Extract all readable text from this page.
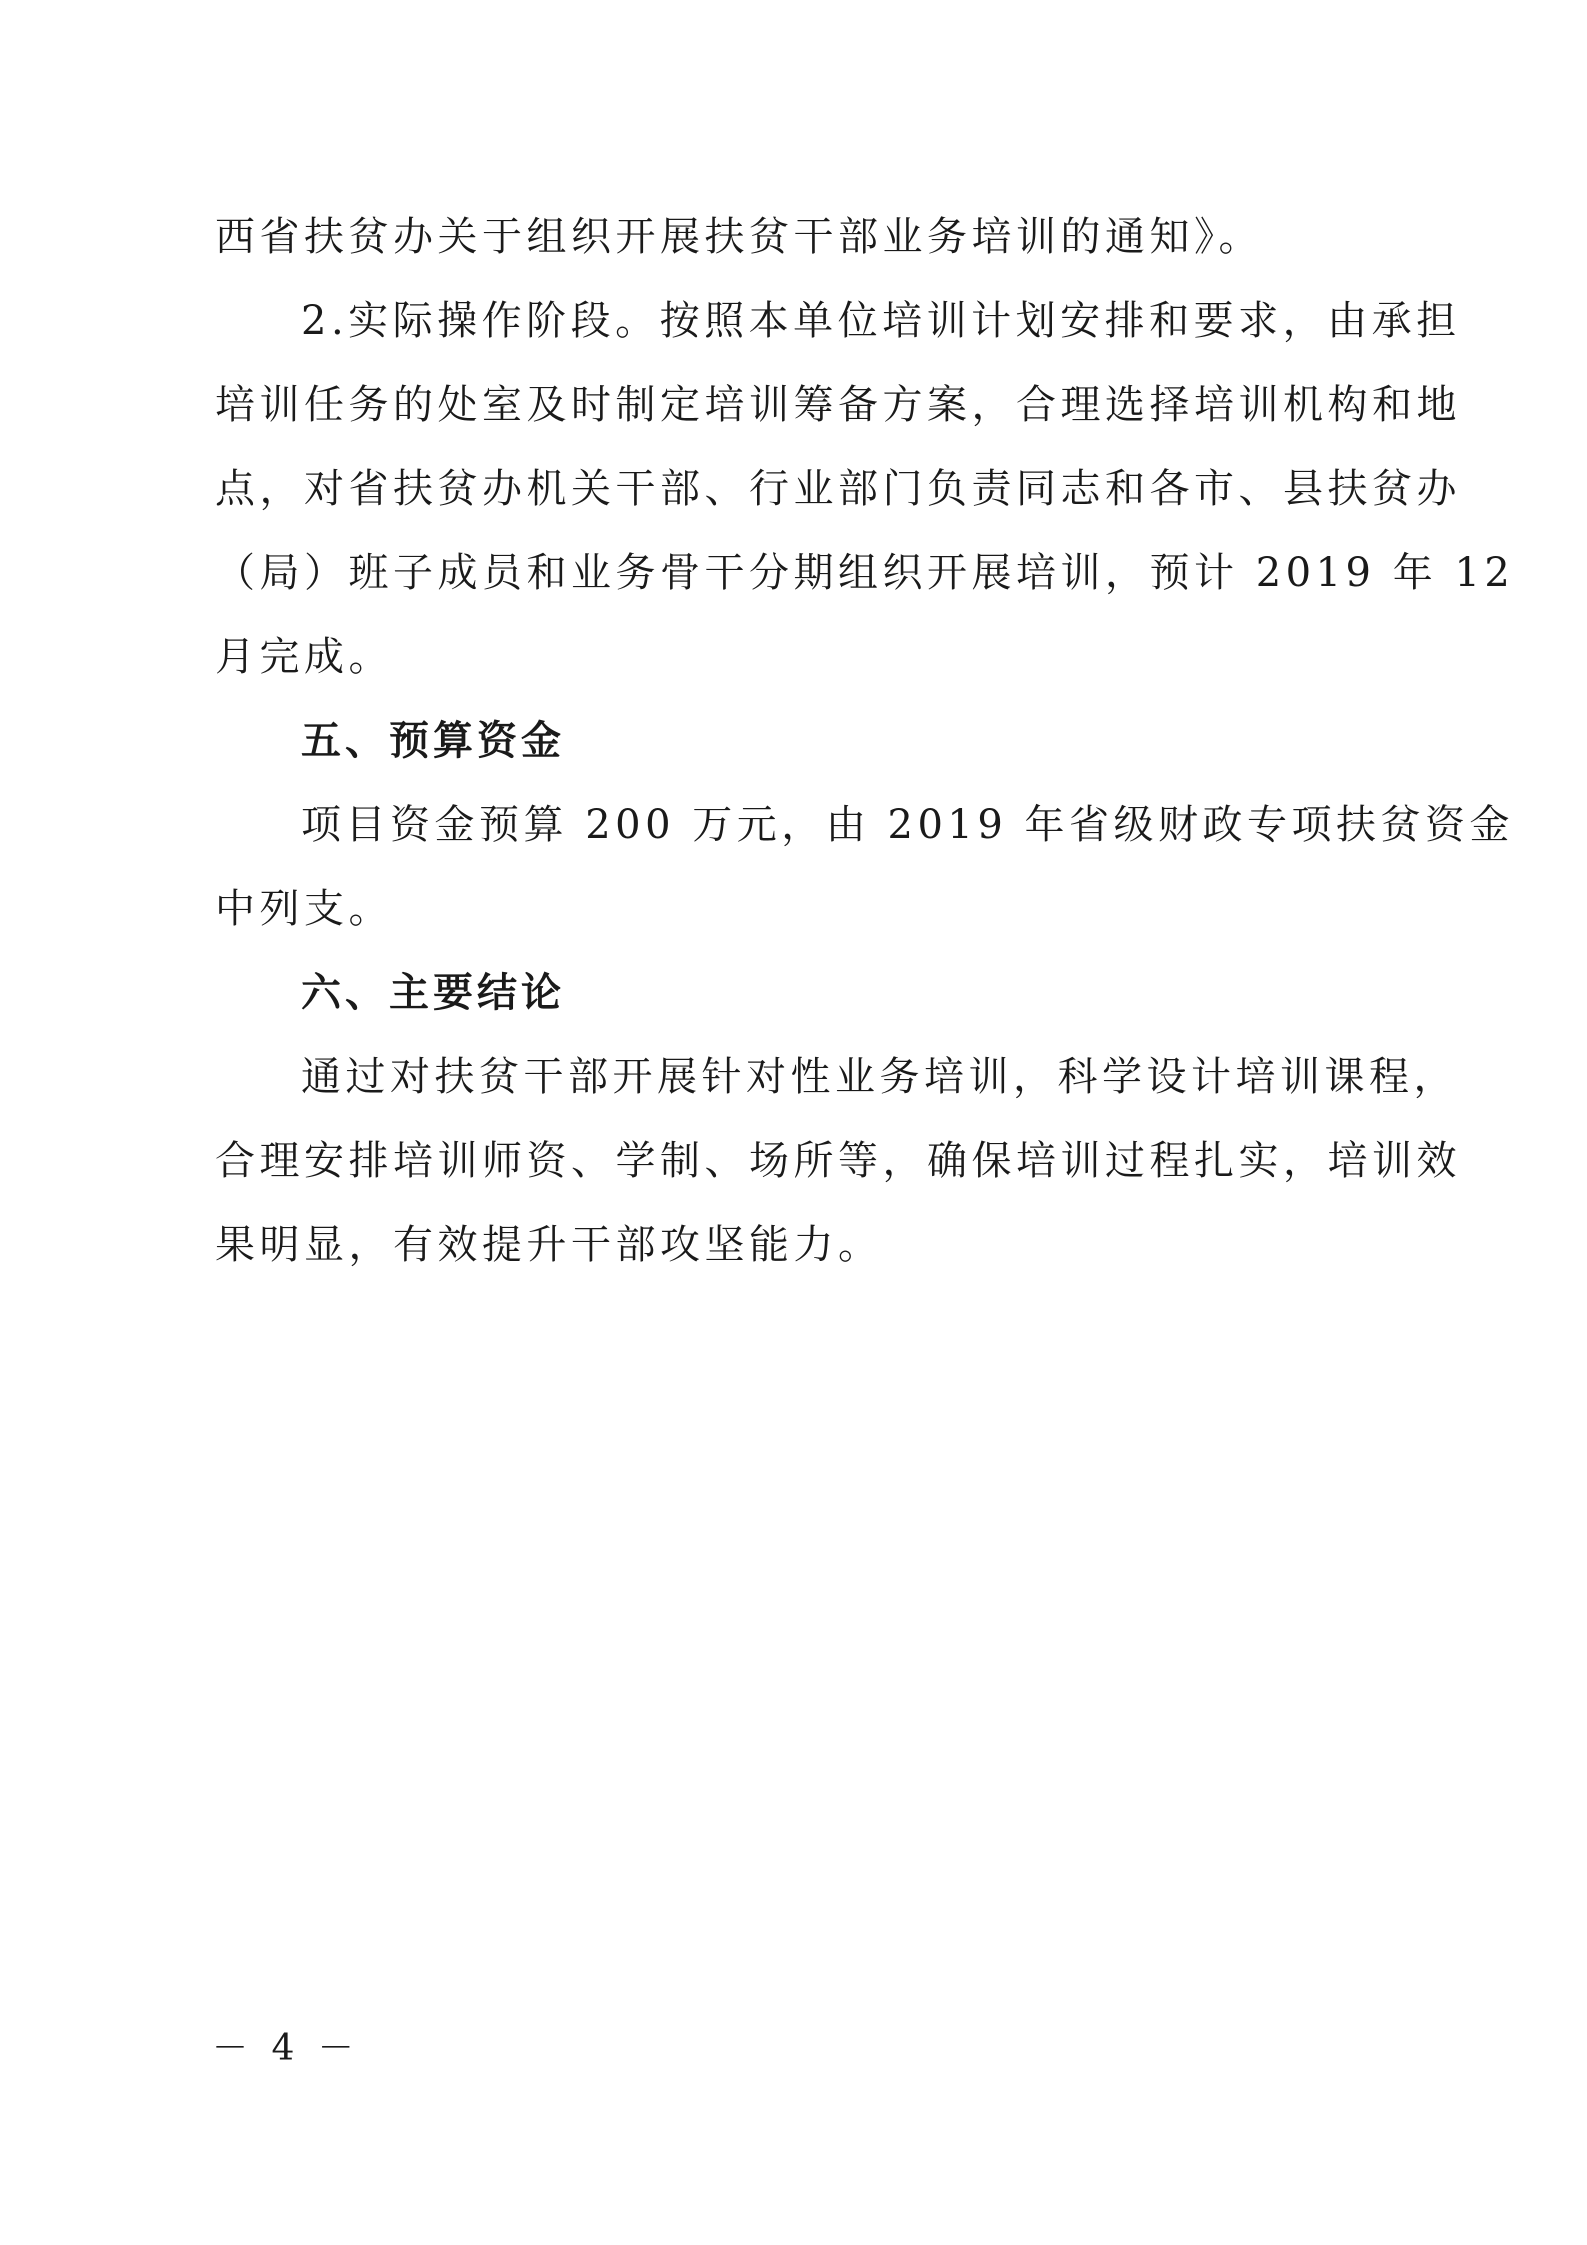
西省扶贫办关于组织开展扶贫干部业务培训的通知》。
2.实际操作阶段。按照本单位培训计划安排和要求，由承担
培训任务的处室及时制定培训筹备方案，合理选择培训机构和地
点，对省扶贫办机关干部、行业部门负责同志和各市、县扶贫办
（局）班子成员和业务骨干分期组织开展培训，预计 2019 年 12
月完成。
五、预算资金
项目资金预算 200 万元，由 2019 年省级财政专项扶贫资金
中列支。
六、主要结论
通过对扶贫干部开展针对性业务培训，科学设计培训课程，
合理安排培训师资、学制、场所等，确保培训过程扎实，培训效
果明显，有效提升干部攻坚能力。
－ 4 －
